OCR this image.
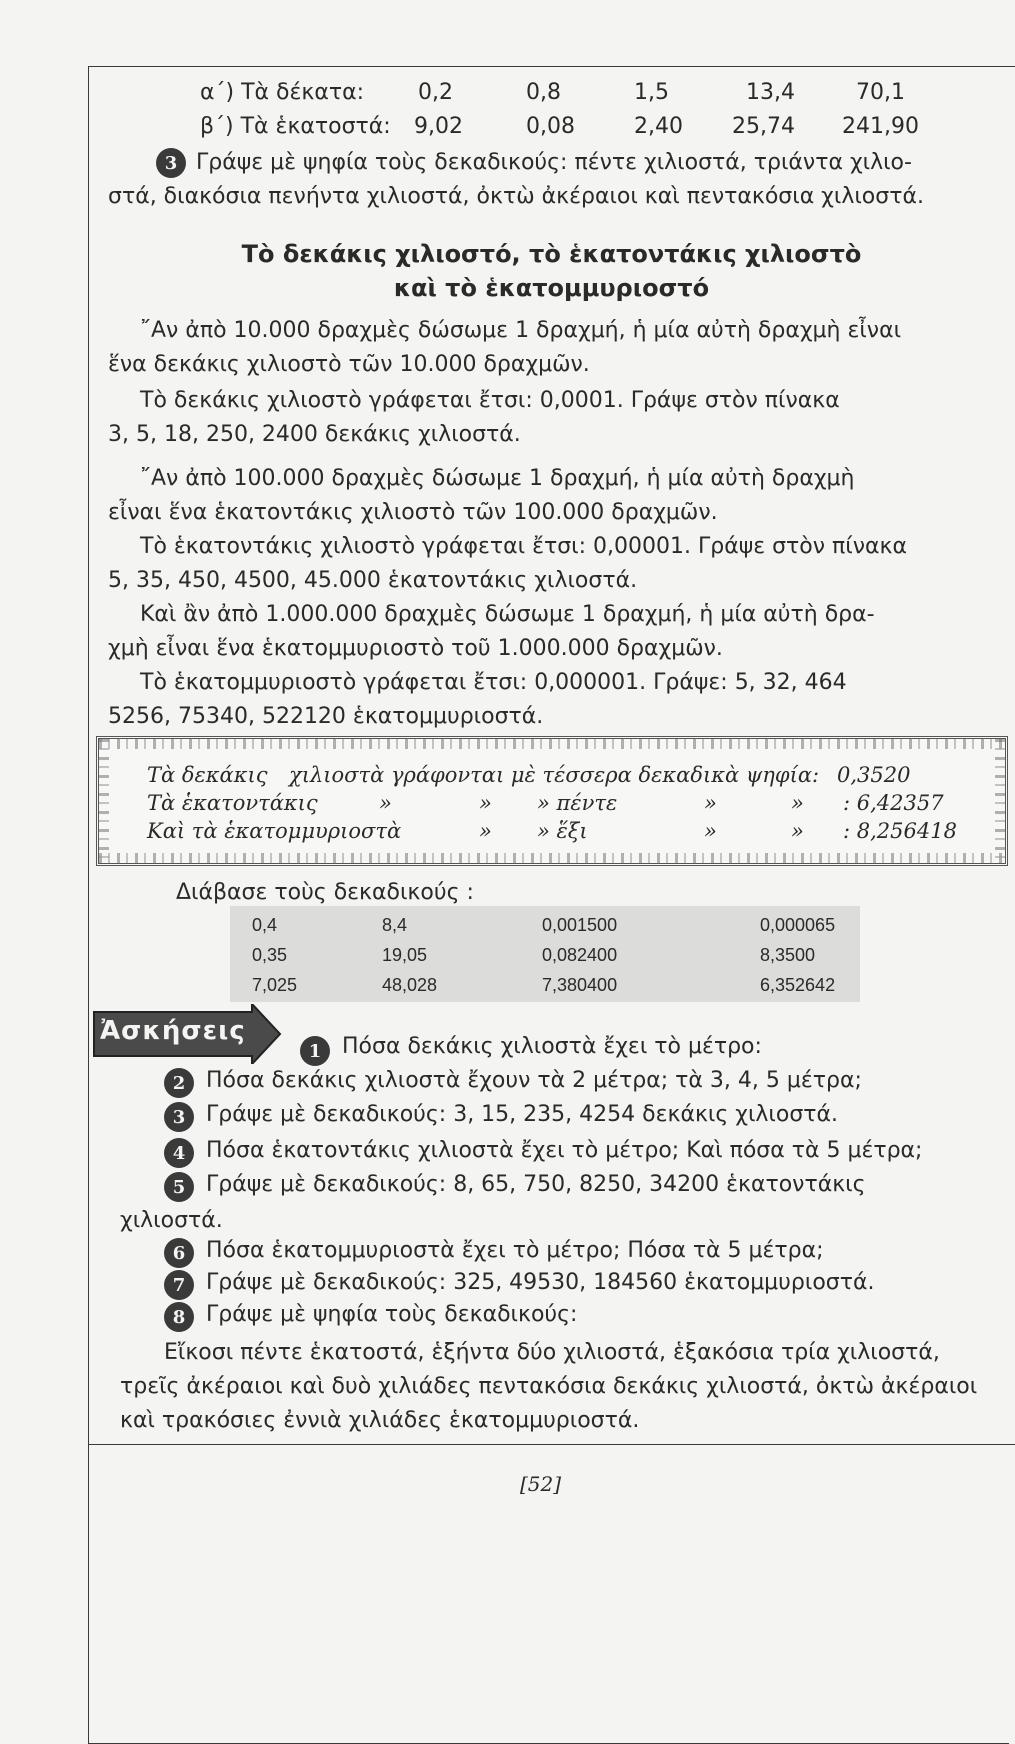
α΄) Τὰ δέκατα: 0,2	0,8	1,5	13,4	70,1
β΄) Τὰ ἑκατοστά: 9,02	0,08	2,40 25,74 241,90
3 Γράψε μὲ ψηφία τοὺς δεκαδικούς: πέντε χιλιοστά, τριάντα χιλιο-
στά, διακόσια πενήντα χιλιοστά, ὀκτὼ ἀκέραιοι καὶ πεντακόσια χιλιοστά.
Τὸ δεκάκις χιλιοστό, τὸ ἑκατοντάκις χιλιοστὸ
καὶ τὸ ἑκατομμυριοστό
῎Αν ἀπὸ 10.000 δραχμὲς δώσωμε 1 δραχμή, ἡ μία αὐτὴ δραχμὴ εἶναι
ἕνα δεκάκις χιλιοστὸ τῶν 10.000 δραχμῶν.
Τὸ δεκάκις χιλιοστὸ γράφεται ἔτσι: 0,0001. Γράψε στὸν πίνακα
3, 5, 18, 250, 2400 δεκάκις χιλιοστά.
῎Αν ἀπὸ 100.000 δραχμὲς δώσωμε 1 δραχμή, ἡ μία αὐτὴ δραχμὴ
εἶναι ἕνα ἑκατοντάκις χιλιοστὸ τῶν 100.000 δραχμῶν.
Τὸ ἑκατοντάκις χιλιοστὸ γράφεται ἔτσι: 0,00001. Γράψε στὸν πίνακα
5, 35, 450, 4500, 45.000 ἑκατοντάκις χιλιοστά.
Καὶ ἂν ἀπὸ 1.000.000 δραχμὲς δώσωμε 1 δραχμή, ἡ μία αὐτὴ δρα-
χμὴ εἶναι ἕνα ἑκατομμυριοστὸ τοῦ 1.000.000 δραχμῶν.
Τὸ ἑκατομμυριοστὸ γράφεται ἔτσι: 0,000001. Γράψε: 5, 32, 464
5256, 75340, 522120 ἑκατομμυριοστά.
Τὰ δεκάκις χιλιοστὰ γράφονται μὲ τέσσερα δεκαδικὰ ψηφία: 0,3520
Τὰ ἑκατοντάκις	»	» » πέντε	»	» : 6,42357
Καὶ τὰ ἑκατομμυριοστὰ	» » ἕξι	»	» : 8,256418
Διάβασε τοὺς δεκαδικούς :
0,4	8,4	0,001500	0,000065
0,35	19,05	0,082400	8,3500
7,025	48,028	7,380400	6,352642
Ἀσκήσεις
1 Πόσα δεκάκις χιλιοστὰ ἔχει τὸ μέτρο:
2 Πόσα δεκάκις χιλιοστὰ ἔχουν τὰ 2 μέτρα; τὰ 3, 4, 5 μέτρα;
3 Γράψε μὲ δεκαδικούς: 3, 15, 235, 4254 δεκάκις χιλιοστά.
4 Πόσα ἑκατοντάκις χιλιοστὰ ἔχει τὸ μέτρο; Καὶ πόσα τὰ 5 μέτρα;
5 Γράψε μὲ δεκαδικούς: 8, 65, 750, 8250, 34200 ἑκατοντάκις
χιλιοστά.
6 Πόσα ἑκατομμυριοστὰ ἔχει τὸ μέτρο; Πόσα τὰ 5 μέτρα;
7 Γράψε μὲ δεκαδικούς: 325, 49530, 184560 ἑκατομμυριοστά.
8 Γράψε μὲ ψηφία τοὺς δεκαδικούς:
Εἴκοσι πέντε ἑκατοστά, ἑξήντα δύο χιλιοστά, ἑξακόσια τρία χιλιοστά,
τρεῖς ἀκέραιοι καὶ δυὸ χιλιάδες πεντακόσια δεκάκις χιλιοστά, ὀκτὼ ἀκέραιοι
καὶ τρακόσιες ἐννιὰ χιλιάδες ἑκατομμυριοστά.
[52]
